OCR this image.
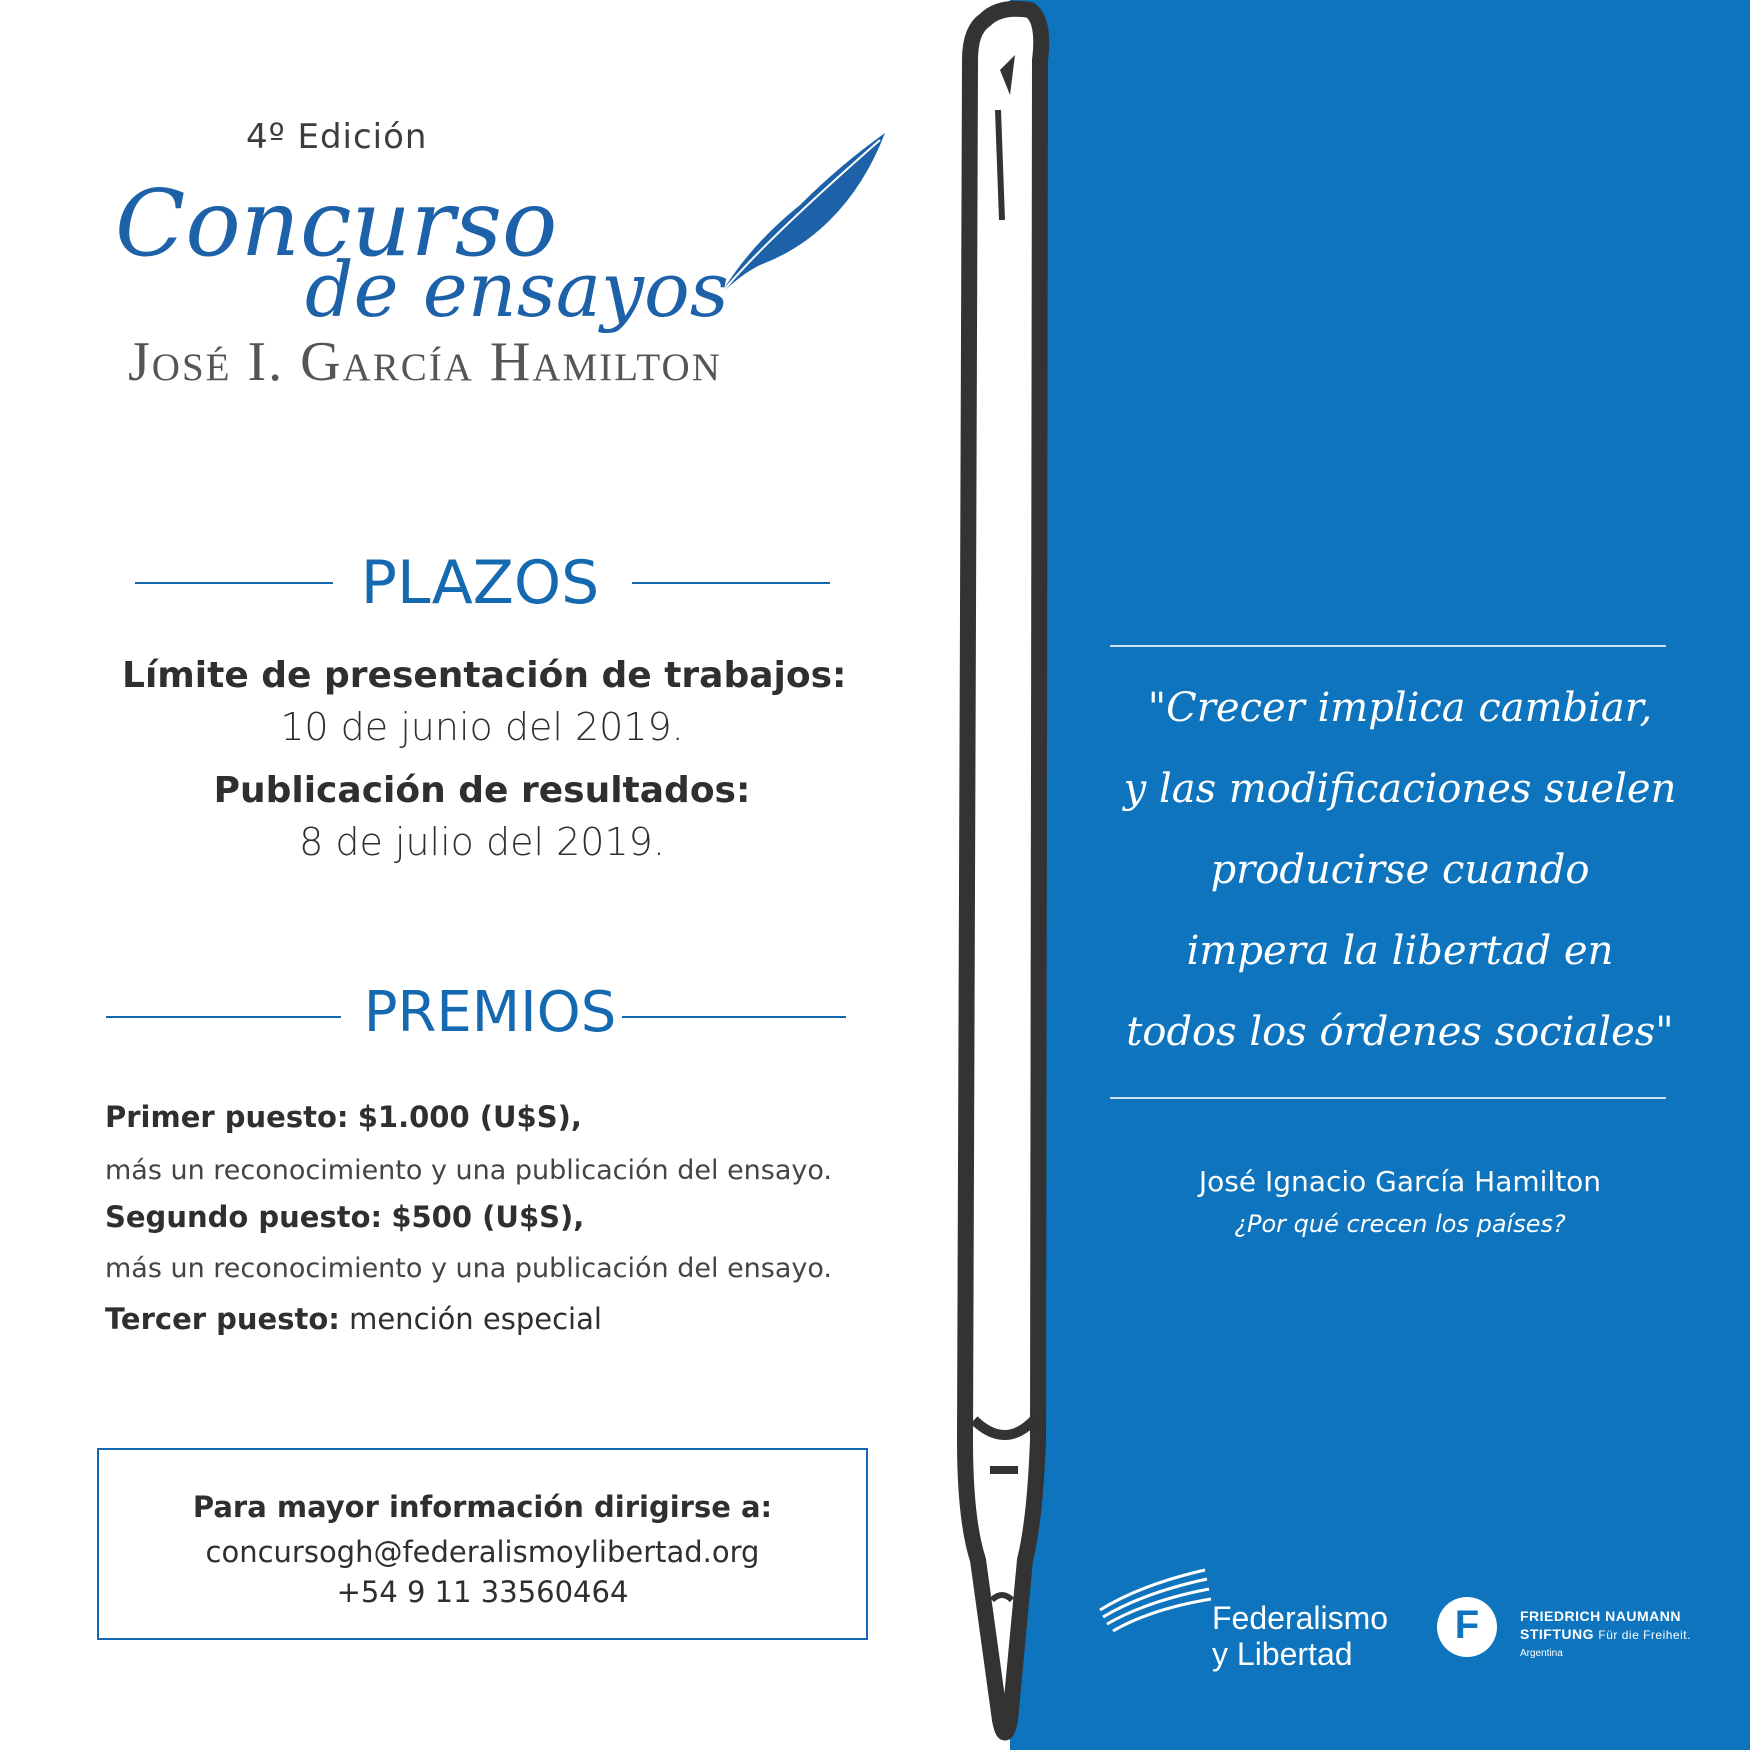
4º Edición
Concurso
de ensayos
José I. García Hamilton
PLAZOS
Límite de presentación de trabajos:
10 de junio del 2019.
Publicación de resultados:
8 de julio del 2019.
PREMIOS
Primer puesto: $1.000 (U$S),
más un reconocimiento y una publicación del ensayo.
Segundo puesto: $500 (U$S),
más un reconocimiento y una publicación del ensayo.
Tercer puesto: mención especial
Para mayor información dirigirse a:
concursogh@federalismoylibertad.org
+54 9 11 33560464
"Crecer implica cambiar,
y las modificaciones suelen
producirse cuando
impera la libertad en
todos los órdenes sociales"
José Ignacio García Hamilton
¿Por qué crecen los países?
Federalismo
y Libertad
F	FRIEDRICH NAUMANN
STIFTUNG Für die Freiheit.
Argentina
